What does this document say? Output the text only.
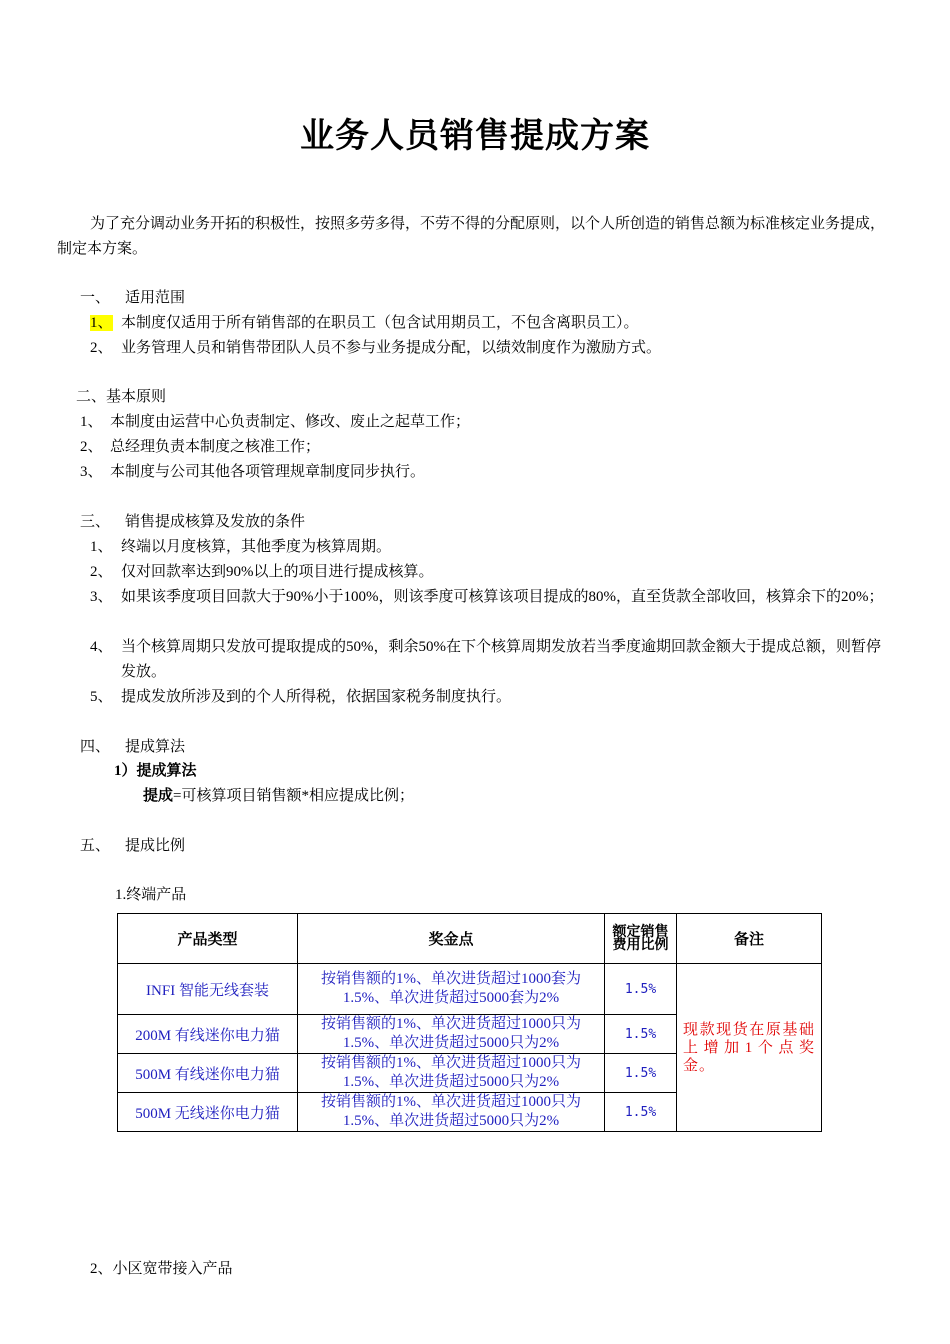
业务人员销售提成方案
为了充分调动业务开拓的积极性，按照多劳多得，不劳不得的分配原则，以个人所创造的销售总额为标准核定业务提成，制定本方案。
一、 适用范围
1、 本制度仅适用于所有销售部的在职员工（包含试用期员工，不包含离职员工）。
2、 业务管理人员和销售带团队人员不参与业务提成分配，以绩效制度作为激励方式。
二、基本原则
1、 本制度由运营中心负责制定、修改、废止之起草工作；
2、 总经理负责本制度之核准工作；
3、 本制度与公司其他各项管理规章制度同步执行。
三、 销售提成核算及发放的条件
1、 终端以月度核算，其他季度为核算周期。
2、 仅对回款率达到90%以上的项目进行提成核算。
3、 如果该季度项目回款大于90%小于100%，则该季度可核算该项目提成的80%，直至货款全部收回，核算余下的20%；
4、 当个核算周期只发放可提取提成的50%，剩余50%在下个核算周期发放若当季度逾期回款金额大于提成总额，则暂停发放。
5、 提成发放所涉及到的个人所得税，依据国家税务制度执行。
四、 提成算法
1）提成算法
提成=可核算项目销售额*相应提成比例；
五、 提成比例
1.终端产品
产品类型	奖金点	额定销售费用比例	备注
INFI 智能无线套装	按销售额的1%、单次进货超过1000套为1.5%、单次进货超过5000套为2%	1.5%	现款现货在原基础上增加1个点奖金。
200M 有线迷你电力猫	按销售额的1%、单次进货超过1000只为1.5%、单次进货超过5000只为2%	1.5%	
500M 有线迷你电力猫	按销售额的1%、单次进货超过1000只为1.5%、单次进货超过5000只为2%	1.5%	
500M 无线迷你电力猫	按销售额的1%、单次进货超过1000只为1.5%、单次进货超过5000只为2%	1.5%	
2、小区宽带接入产品
